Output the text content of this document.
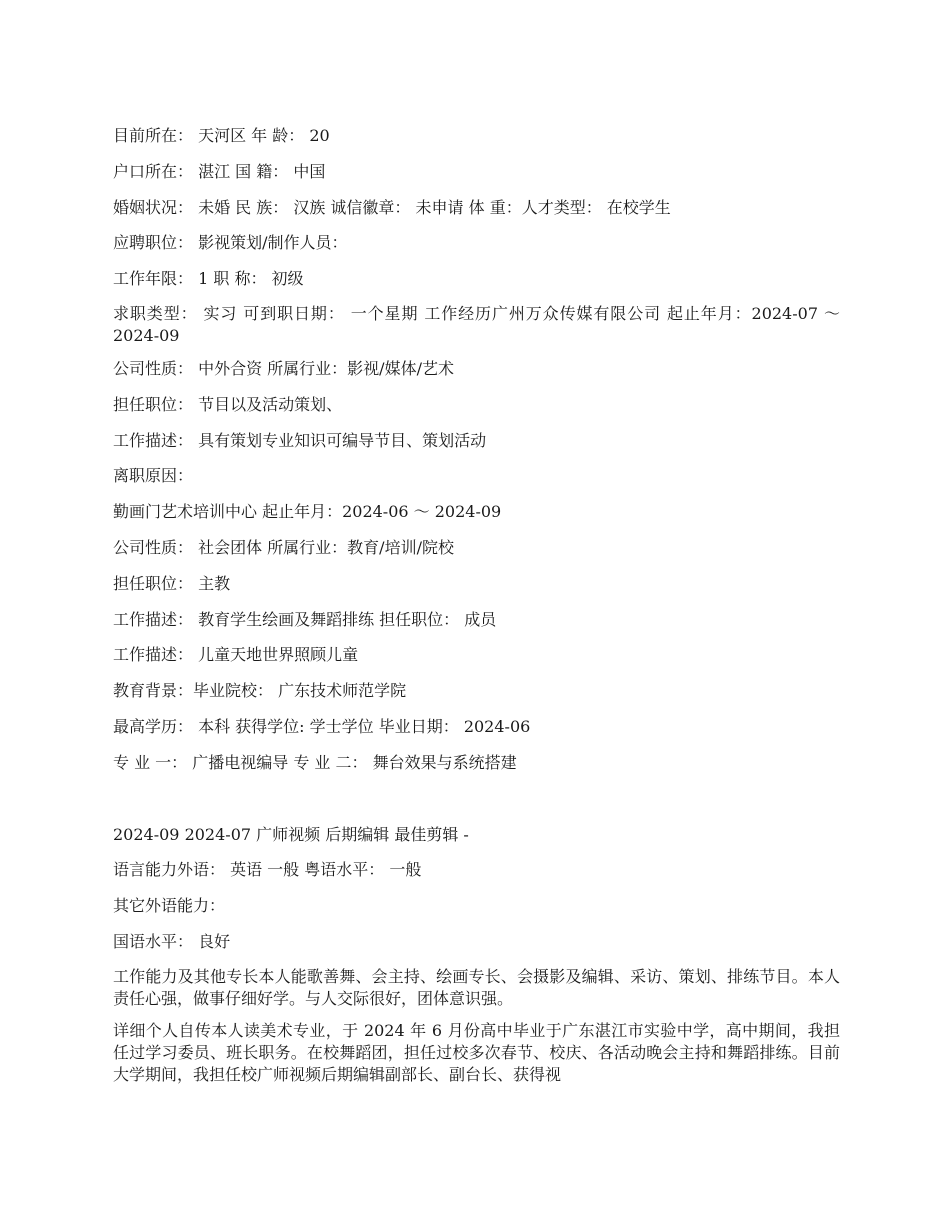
目前所在： 天河区 年 龄： 20
户口所在： 湛江 国 籍： 中国
婚姻状况： 未婚 民 族： 汉族 诚信徽章： 未申请 体 重：人才类型： 在校学生
应聘职位： 影视策划/制作人员：
工作年限： 1 职 称： 初级
求职类型： 实习 可到职日期： 一个星期 工作经历广州万众传媒有限公司 起止年月：2024-07 ～ 2024-09
公司性质： 中外合资 所属行业：影视/媒体/艺术
担任职位： 节目以及活动策划、
工作描述： 具有策划专业知识可编导节目、策划活动
离职原因：
勤画门艺术培训中心 起止年月：2024-06 ～ 2024-09
公司性质： 社会团体 所属行业：教育/培训/院校
担任职位： 主教
工作描述： 教育学生绘画及舞蹈排练 担任职位： 成员
工作描述： 儿童天地世界照顾儿童
教育背景：毕业院校： 广东技术师范学院
最高学历： 本科 获得学位: 学士学位 毕业日期： 2024-06
专 业 一： 广播电视编导 专 业 二： 舞台效果与系统搭建
2024-09 2024-07 广师视频 后期编辑 最佳剪辑 -
语言能力外语： 英语 一般 粤语水平： 一般
其它外语能力：
国语水平： 良好
工作能力及其他专长本人能歌善舞、会主持、绘画专长、会摄影及编辑、采访、策划、排练节目。本人责任心强，做事仔细好学。与人交际很好，团体意识强。
详细个人自传本人读美术专业，于 2024 年 6 月份高中毕业于广东湛江市实验中学，高中期间，我担任过学习委员、班长职务。在校舞蹈团，担任过校多次春节、校庆、各活动晚会主持和舞蹈排练。目前大学期间，我担任校广师视频后期编辑副部长、副台长、获得视
